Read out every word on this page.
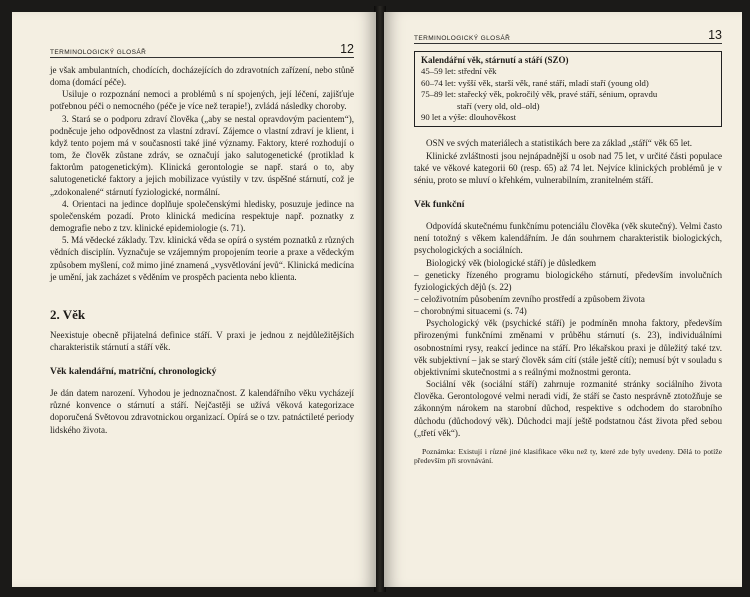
TERMINOLOGICKÝ GLOSÁŘ	12

je však ambulantních, chodících, docházejících do zdravotních zařízení, nebo stůně doma (domácí péče).

Usiluje o rozpoznání nemoci a problémů s ní spojených, její léčení, zajišťuje potřebnou péči o nemocného (péče je více než terapie!), zvládá následky choroby.

3. Stará se o podporu zdraví člověka („aby se nestal opravdovým pacientem“), podněcuje jeho odpovědnost za vlastní zdraví. Zájemce o vlastní zdraví je klient, i když tento pojem má v současnosti také jiné významy. Faktory, které rozhodují o tom, že člověk zůstane zdráv, se označují jako salutogenetické (protiklad k faktorům patogenetickým). Klinická gerontologie se např. stará o to, aby salutogenetické faktory a jejich mobilizace vyústily v tzv. úspěšné stárnutí, což je „zdokonalené“ stárnutí fyziologické, normální.

4. Orientaci na jedince doplňuje společenskými hledisky, posuzuje jedince na společenském pozadí. Proto klinická medicína respektuje např. poznatky z demografie nebo z tzv. klinické epidemiologie (s. 71).

5. Má vědecké základy. Tzv. klinická věda se opírá o systém poznatků z různých vědních disciplín. Vyznačuje se vzájemným propojením teorie a praxe a vědeckým způsobem myšlení, což mimo jiné znamená „vysvětlování jevů“. Klinická medicína je umění, jak zacházet s věděním ve prospěch pacienta nebo klienta.

2. Věk

Neexistuje obecně přijatelná definice stáří. V praxi je jednou z nejdůležitějších charakteristik stárnutí a stáří věk.

Věk kalendářní, matriční, chronologický

Je dán datem narození. Vyhodou je jednoznačnost. Z kalendářního věku vycházejí různé konvence o stárnutí a stáří. Nejčastěji se užívá věková kategorizace doporučená Světovou zdravotnickou organizací. Opírá se o tzv. patnáctileté periody lidského života.

TERMINOLOGICKÝ GLOSÁŘ	13
Kalendářní věk, stárnutí a stáří (SZO)
45–59 let: střední věk
60–74 let: vyšší věk, starší věk, rané stáří, mladí staří (young old)
75–89 let: stařecký věk, pokročilý věk, pravé stáří, sénium, opravdu
staří (very old, old–old)
90 let a výše: dlouhověkost

OSN ve svých materiálech a statistikách bere za základ „stáří“ věk 65 let.

Klinické zvláštnosti jsou nejnápadnější u osob nad 75 let, v určité části populace také ve věkové kategorii 60 (resp. 65) až 74 let. Nejvíce klinických problémů je v séniu, proto se mluví o křehkém, vulnerabilním, zranitelném stáří.

Věk funkční

Odpovídá skutečnému funkčnímu potenciálu člověka (věk skutečný). Velmi často není totožný s věkem kalendářním. Je dán souhrnem charakteristik biologických, psychologických a sociálních.

Biologický věk (biologické stáří) je důsledkem

– geneticky řízeného programu biologického stárnutí, především involučních fyziologických dějů (s. 22)

– celoživotním působením zevního prostředí a způsobem života

– chorobnými situacemi (s. 74)

Psychologický věk (psychické stáří) je podmíněn mnoha faktory, především přirozenými funkčními změnami v průběhu stárnutí (s. 23), individuálními osobnostními rysy, reakcí jedince na stáří. Pro lékařskou praxi je důležitý také tzv. věk subjektivní – jak se starý člověk sám cítí (stále ještě cítí); nemusí být v souladu s objektivními skutečnostmi a s reálnými možnostmi geronta.

Sociální věk (sociální stáří) zahrnuje rozmanité stránky sociálního života člověka. Gerontologové velmi neradi vidí, že stáří se často nesprávně ztotožňuje se zákonným nárokem na starobní důchod, respektive s odchodem do starobního důchodu (důchodový věk). Důchodci mají ještě podstatnou část života před sebou („třetí věk“).

Poznámka: Existují i různé jiné klasifikace věku než ty, které zde byly uvedeny. Dělá to potíže především při srovnávání.
